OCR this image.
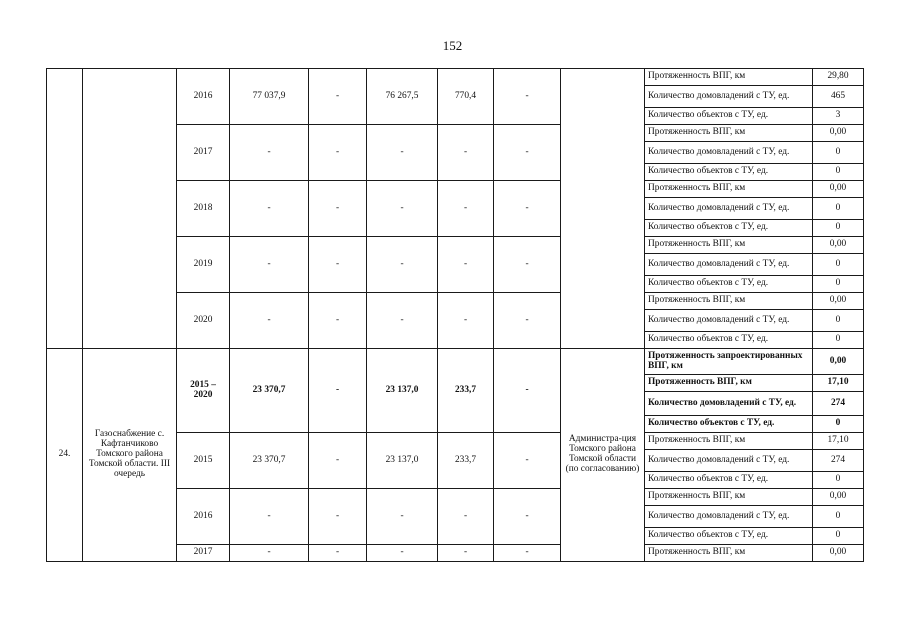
152
		2016	77 037,9	-	76 267,5	770,4	-		Протяженность ВПГ, км	29,80
									Количество домовладений с ТУ, ед.	465
									Количество объектов с ТУ, ед.	3
		2017	-	-	-	-	-		Протяженность ВПГ, км	0,00
									Количество домовладений с ТУ, ед.	0
									Количество объектов с ТУ, ед.	0
		2018	-	-	-	-	-		Протяженность ВПГ, км	0,00
									Количество домовладений с ТУ, ед.	0
									Количество объектов с ТУ, ед.	0
		2019	-	-	-	-	-		Протяженность ВПГ, км	0,00
									Количество домовладений с ТУ, ед.	0
									Количество объектов с ТУ, ед.	0
		2020	-	-	-	-	-		Протяженность ВПГ, км	0,00
									Количество домовладений с ТУ, ед.	0
									Количество объектов с ТУ, ед.	0
24.	Газоснабжение с. Кафтанчиково Томского района Томской области. III очередь	2015 – 2020	23 370,7	-	23 137,0	233,7	-	Администра-ция Томского района Томской области (по согласованию)	Протяженность запроектированных ВПГ, км	0,00
									Протяженность ВПГ, км	17,10
									Количество домовладений с ТУ, ед.	274
									Количество объектов с ТУ, ед.	0
		2015	23 370,7	-	23 137,0	233,7	-		Протяженность ВПГ, км	17,10
									Количество домовладений с ТУ, ед.	274
									Количество объектов с ТУ, ед.	0
		2016	-	-	-	-	-		Протяженность ВПГ, км	0,00
									Количество домовладений с ТУ, ед.	0
									Количество объектов с ТУ, ед.	0
		2017	-	-	-	-	-		Протяженность ВПГ, км	0,00
